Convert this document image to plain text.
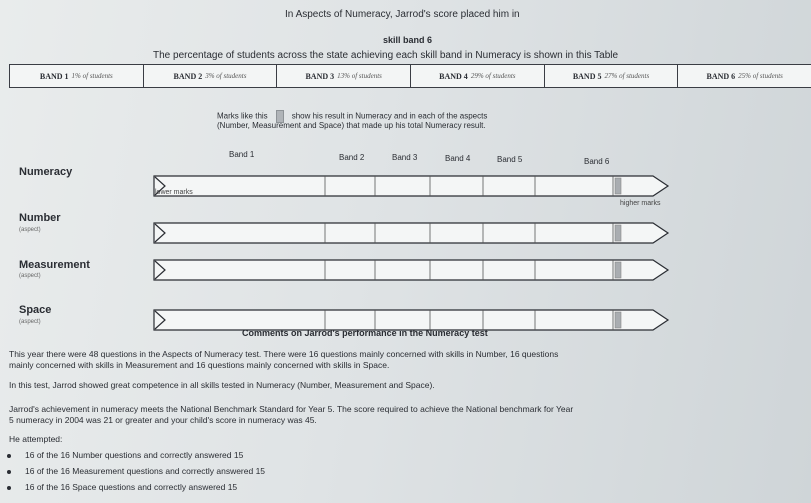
In Aspects of Numeracy, Jarrod's score placed him in
skill band 6
The percentage of students across the state achieving each skill band in Numeracy is shown in this Table
BAND 1 1% of students	BAND 2 3% of students	BAND 3 13% of students	BAND 4 29% of students	BAND 5 27% of students	BAND 6 25% of students
Marks like this	show his result in Numeracy and in each of the aspects
(Number, Measurement and Space) that made up his total Numeracy result.
Band 1	Band 2	Band 3	Band 4	Band 5	Band 6
Numeracy
lower marks
higher marks
Number
(aspect)
Measurement
(aspect)
Space
(aspect)
Comments on Jarrod's performance in the Numeracy test
This year there were 48 questions in the Aspects of Numeracy test. There were 16 questions mainly concerned with skills in Number, 16 questions
mainly concerned with skills in Measurement and 16 questions mainly concerned with skills in Space.
In this test, Jarrod showed great competence in all skills tested in Numeracy (Number, Measurement and Space).
Jarrod's achievement in numeracy meets the National Benchmark Standard for Year 5. The score required to achieve the National benchmark for Year
5 numeracy in 2004 was 21 or greater and your child's score in numeracy was 45.
He attempted:
16 of the 16 Number questions and correctly answered 15
16 of the 16 Measurement questions and correctly answered 15
16 of the 16 Space questions and correctly answered 15
